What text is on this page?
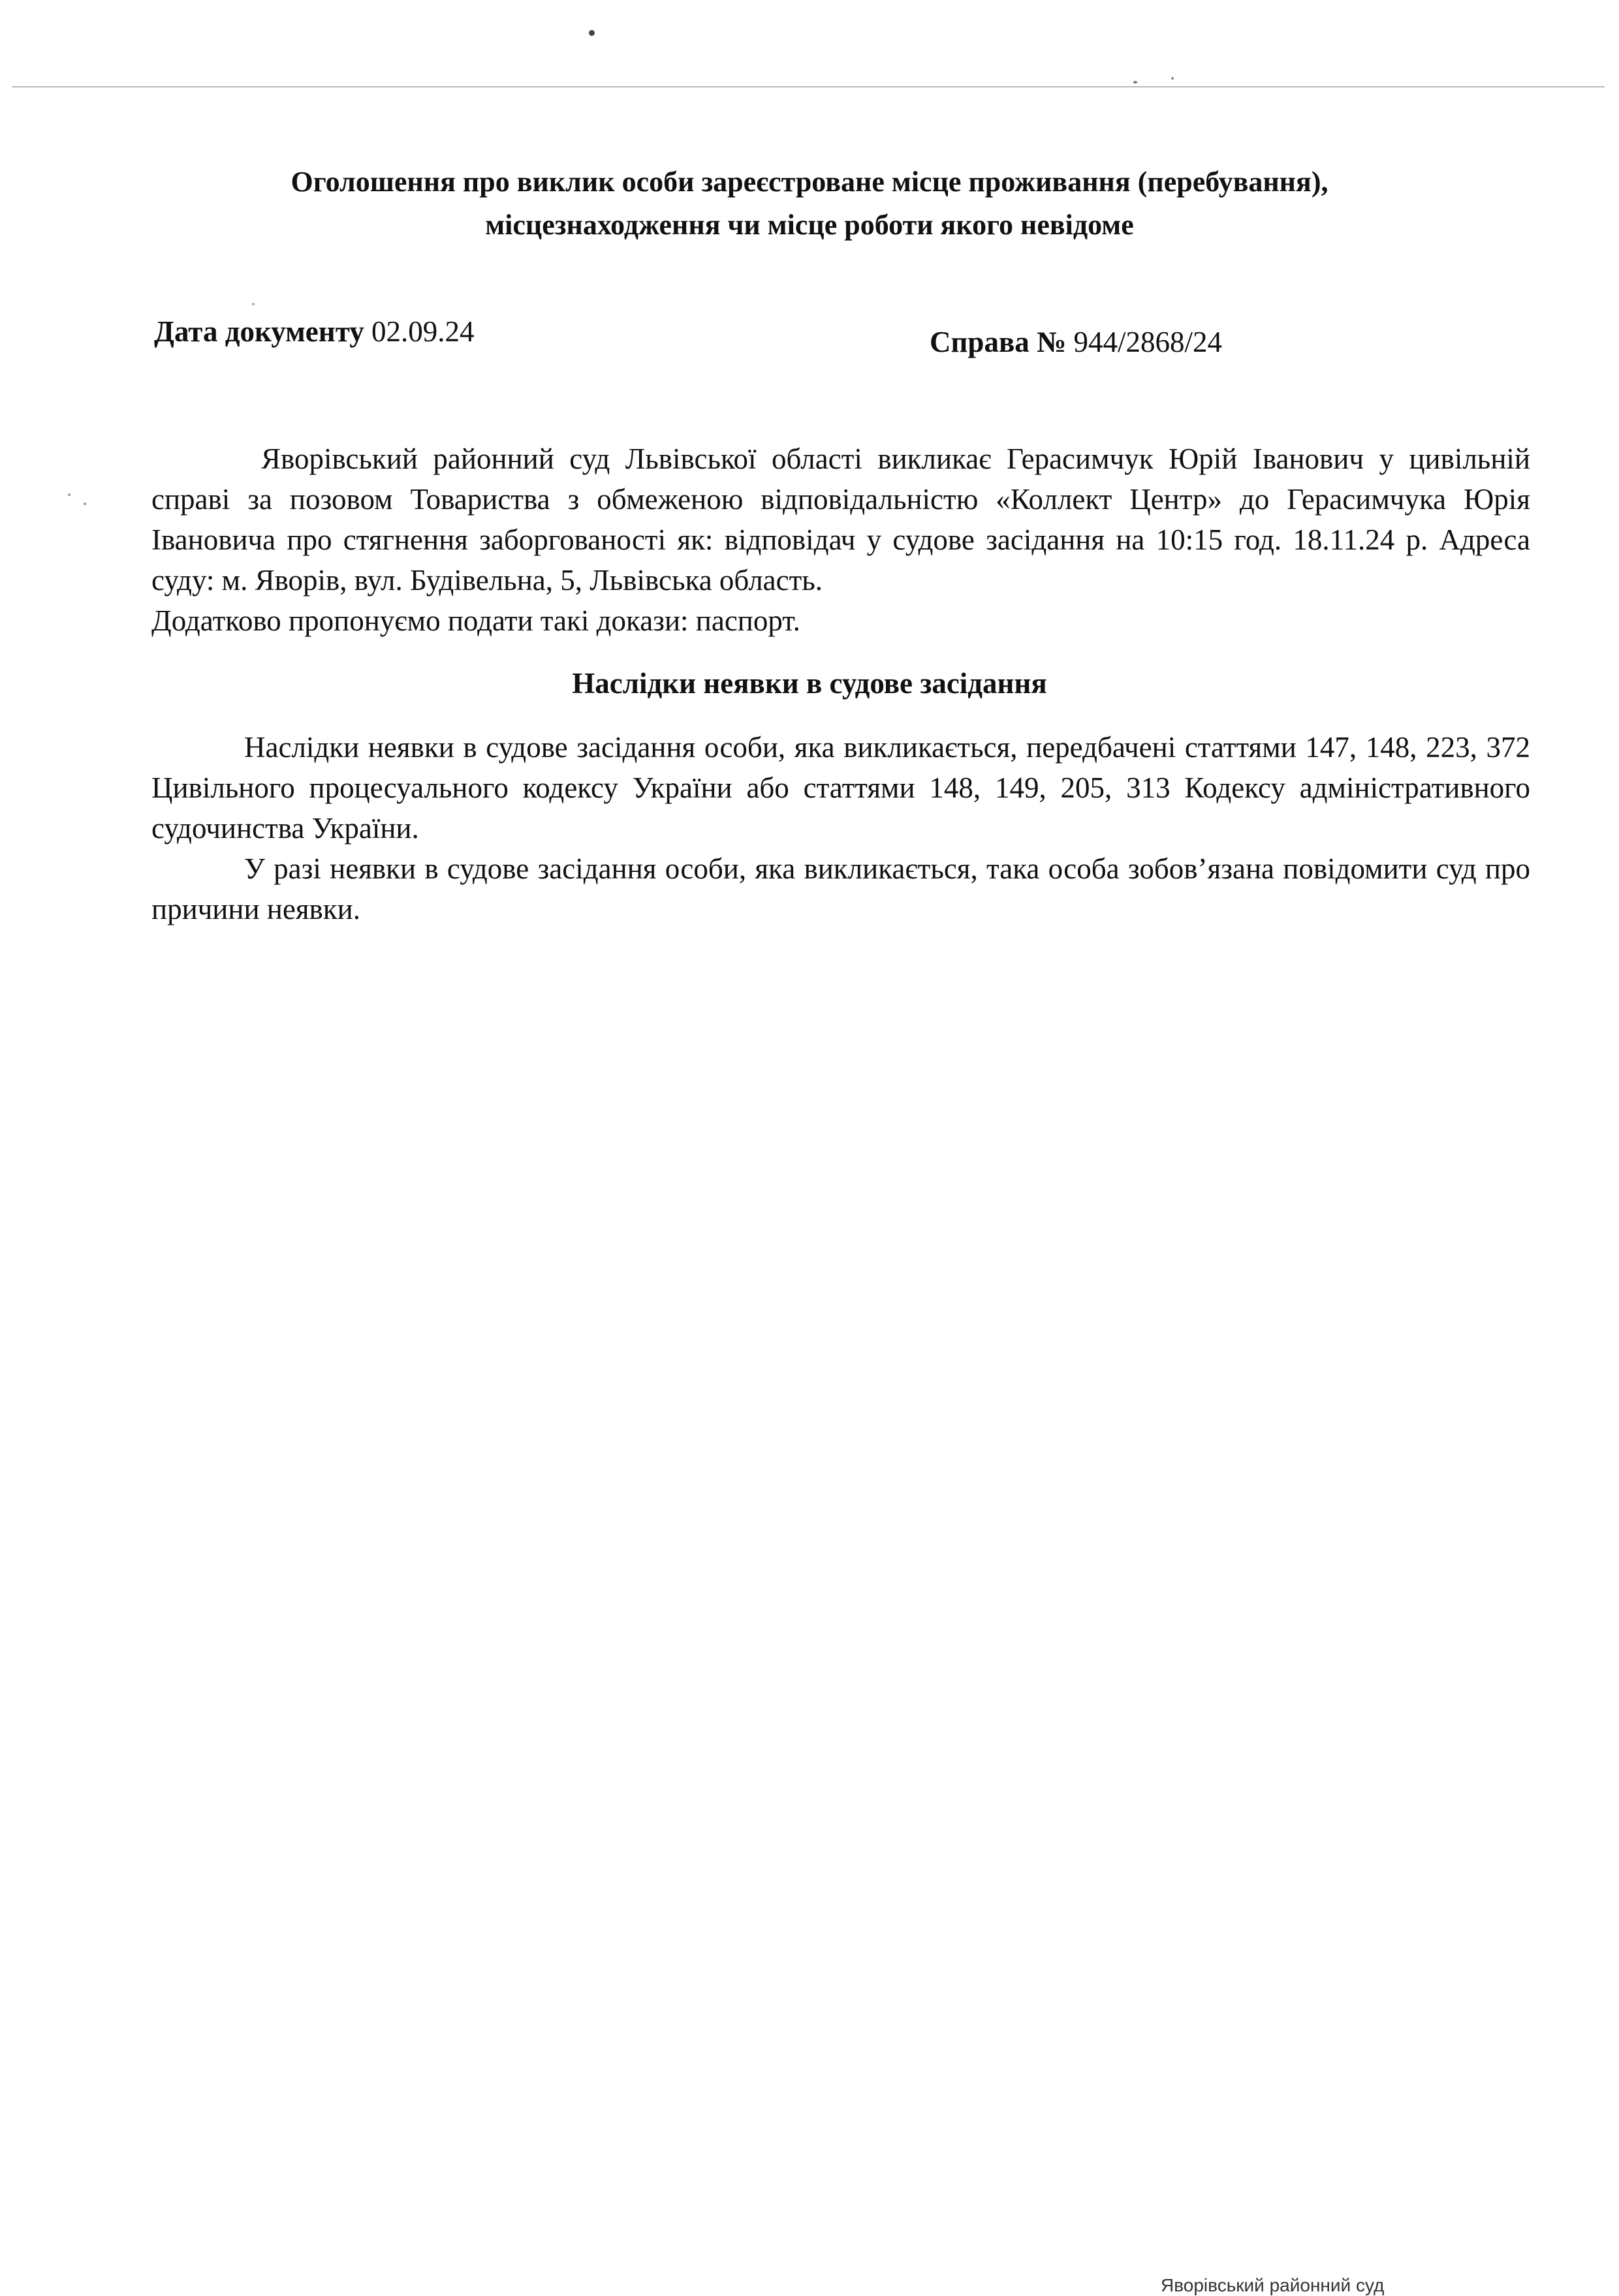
Оголошення про виклик особи зареєстроване місце проживання (перебування),
місцезнаходження чи місце роботи якого невідоме
Дата документу 02.09.24	Справа № 944/2868/24

Яворівський районний суд Львівської області викликає Герасимчук Юрій Іванович у цивільній справі за позовом Товариства з обмеженою відповідальністю «Коллект Центр» до Герасимчука Юрія Івановича про стягнення заборгованості як: відповідач у судове засідання на 10:15 год. 18.11.24 р. Адреса суду: м. Яворів, вул. Будівельна, 5, Львівська область.

Додатково пропонуємо подати такі докази: паспорт.

Наслідки неявки в судове засідання

Наслідки неявки в судове засідання особи, яка викликається, передбачені статтями 147, 148, 223, 372 Цивільного процесуального кодексу України або статтями 148, 149, 205, 313 Кодексу адміністративного судочинства України.

У разі неявки в судове засідання особи, яка викликається, така особа зобов’язана повідомити суд про причини неявки.

Яворівський районний суд
